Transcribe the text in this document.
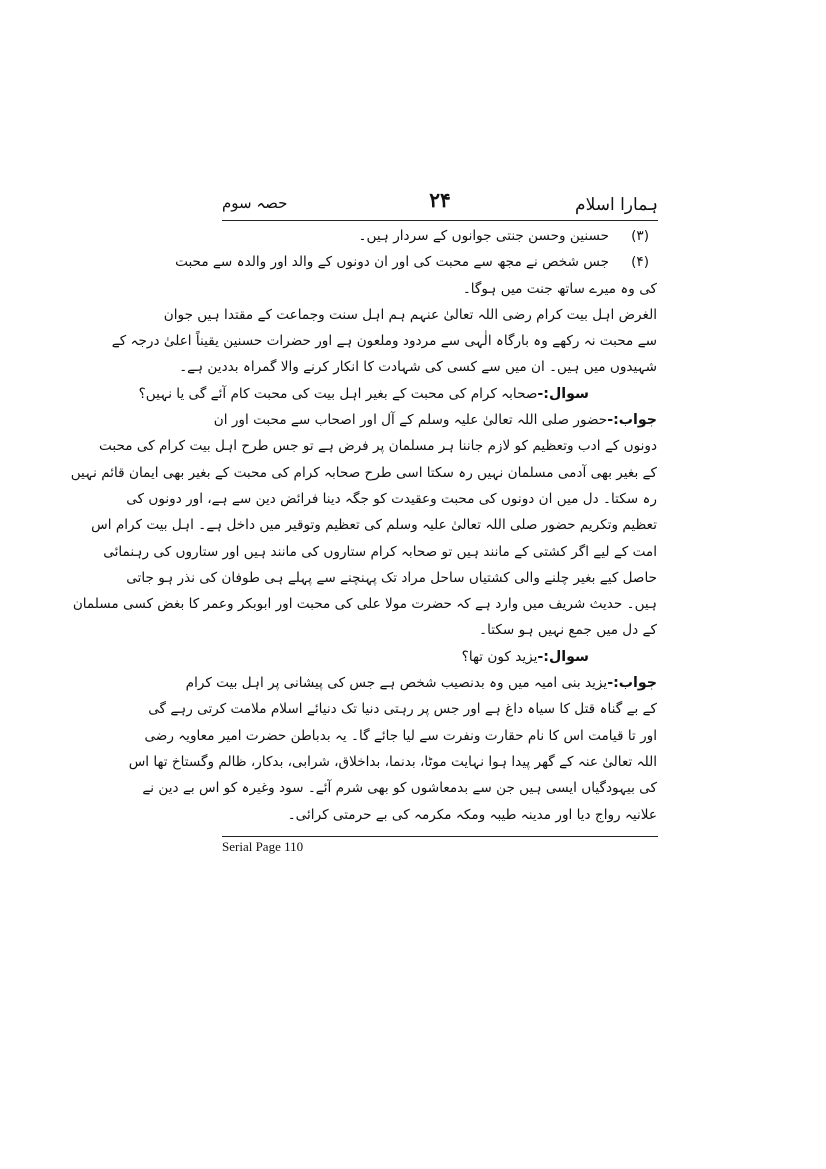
ہمارا اسلام
۲۴
حصہ سوم
(۳)حسنین وحسن جنتی جوانوں کے سردار ہیں۔
(۴)جس شخص نے مجھ سے محبت کی اور ان دونوں کے والد اور والدہ سے محبت
کی وہ میرے ساتھ جنت میں ہوگا۔
الغرض اہل بیت کرام رضی اللہ تعالیٰ عنہم ہم اہل سنت وجماعت کے مقتدا ہیں جوان
سے محبت نہ رکھے وہ بارگاہ الٰہی سے مردود وملعون ہے اور حضرات حسنین یقیناً اعلیٰ درجہ کے
شہیدوں میں ہیں۔ ان میں سے کسی کی شہادت کا انکار کرنے والا گمراہ بددین ہے۔
سوال:-صحابہ کرام کی محبت کے بغیر اہل بیت کی محبت کام آئے گی یا نہیں؟
جواب:-حضور صلی اللہ تعالیٰ علیہ وسلم کے آل اور اصحاب سے محبت اور ان
دونوں کے ادب وتعظیم کو لازم جاننا ہر مسلمان پر فرض ہے تو جس طرح اہل بیت کرام کی محبت
کے بغیر بھی آدمی مسلمان نہیں رہ سکتا اسی طرح صحابہ کرام کی محبت کے بغیر بھی ایمان قائم نہیں
رہ سکتا۔ دل میں ان دونوں کی محبت وعقیدت کو جگہ دینا فرائض دین سے ہے، اور دونوں کی
تعظیم وتکریم حضور صلی اللہ تعالیٰ علیہ وسلم کی تعظیم وتوقیر میں داخل ہے۔ اہل بیت کرام اس
امت کے لیے اگر کشتی کے مانند ہیں تو صحابہ کرام ستاروں کی مانند ہیں اور ستاروں کی رہنمائی
حاصل کیے بغیر چلنے والی کشتیاں ساحل مراد تک پہنچنے سے پہلے ہی طوفان کی نذر ہو جاتی
ہیں۔ حدیث شریف میں وارد ہے کہ حضرت مولا علی کی محبت اور ابوبکر وعمر کا بغض کسی مسلمان
کے دل میں جمع نہیں ہو سکتا۔
سوال:-یزید کون تھا؟
جواب:-یزید بنی امیہ میں وہ بدنصیب شخص ہے جس کی پیشانی پر اہل بیت کرام
کے بے گناہ قتل کا سیاہ داغ ہے اور جس پر رہتی دنیا تک دنیائے اسلام ملامت کرتی رہے گی
اور تا قیامت اس کا نام حقارت ونفرت سے لیا جائے گا۔ یہ بدباطن حضرت امیر معاویہ رضی
اللہ تعالیٰ عنہ کے گھر پیدا ہوا نہایت موٹا، بدنما، بداخلاق، شرابی، بدکار، ظالم وگستاخ تھا اس
کی بیہودگیاں ایسی ہیں جن سے بدمعاشوں کو بھی شرم آئے۔ سود وغیرہ کو اس بے دین نے
علانیہ رواج دیا اور مدینہ طیبہ ومکہ مکرمہ کی بے حرمتی کرائی۔
Serial Page 110
